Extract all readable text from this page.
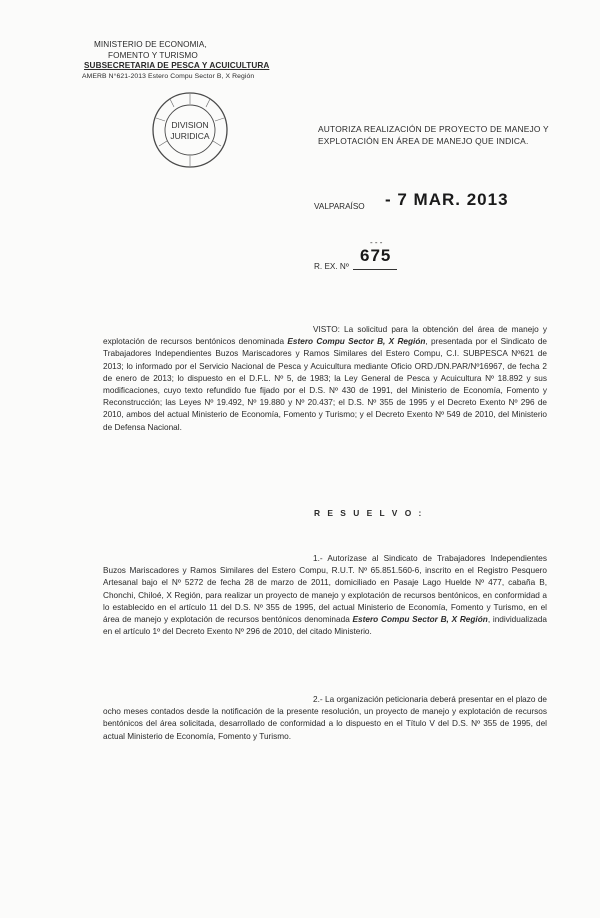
MINISTERIO DE ECONOMIA,
FOMENTO Y TURISMO
SUBSECRETARIA DE PESCA Y ACUICULTURA
AMERB N°621-2013 Estero Compu Sector B, X Región
DIVISION
JURIDICA
AUTORIZA REALIZACIÓN DE PROYECTO DE MANEJO Y EXPLOTACIÓN EN ÁREA DE MANEJO QUE INDICA.
VALPARAÍSO - 7 MAR. 2013
- - -
675
R. EX. Nº
VISTO: La solicitud para la obtención del área de manejo y explotación de recursos bentónicos denominada Estero Compu Sector B, X Región, presentada por el Sindicato de Trabajadores Independientes Buzos Mariscadores y Ramos Similares del Estero Compu, C.I. SUBPESCA Nº621 de 2013; lo informado por el Servicio Nacional de Pesca y Acuicultura mediante Oficio ORD./DN.PAR/Nº16967, de fecha 2 de enero de 2013; lo dispuesto en el D.F.L. Nº 5, de 1983; la Ley General de Pesca y Acuicultura Nº 18.892 y sus modificaciones, cuyo texto refundido fue fijado por el D.S. Nº 430 de 1991, del Ministerio de Economía, Fomento y Reconstrucción; las Leyes Nº 19.492, Nº 19.880 y Nº 20.437; el D.S. Nº 355 de 1995 y el Decreto Exento Nº 296 de 2010, ambos del actual Ministerio de Economía, Fomento y Turismo; y el Decreto Exento Nº 549 de 2010, del Ministerio de Defensa Nacional.
R E S U E L V O :
1.- Autorízase al Sindicato de Trabajadores Independientes Buzos Mariscadores y Ramos Similares del Estero Compu, R.U.T. Nº 65.851.560-6, inscrito en el Registro Pesquero Artesanal bajo el Nº 5272 de fecha 28 de marzo de 2011, domiciliado en Pasaje Lago Huelde Nº 477, cabaña B, Chonchi, Chiloé, X Región, para realizar un proyecto de manejo y explotación de recursos bentónicos, en conformidad a lo establecido en el artículo 11 del D.S. Nº 355 de 1995, del actual Ministerio de Economía, Fomento y Turismo, en el área de manejo y explotación de recursos bentónicos denominada Estero Compu Sector B, X Región, individualizada en el artículo 1º del Decreto Exento Nº 296 de 2010, del citado Ministerio.
2.- La organización peticionaria deberá presentar en el plazo de ocho meses contados desde la notificación de la presente resolución, un proyecto de manejo y explotación de recursos bentónicos del área solicitada, desarrollado de conformidad a lo dispuesto en el Título V del D.S. Nº 355 de 1995, del actual Ministerio de Economía, Fomento y Turismo.
